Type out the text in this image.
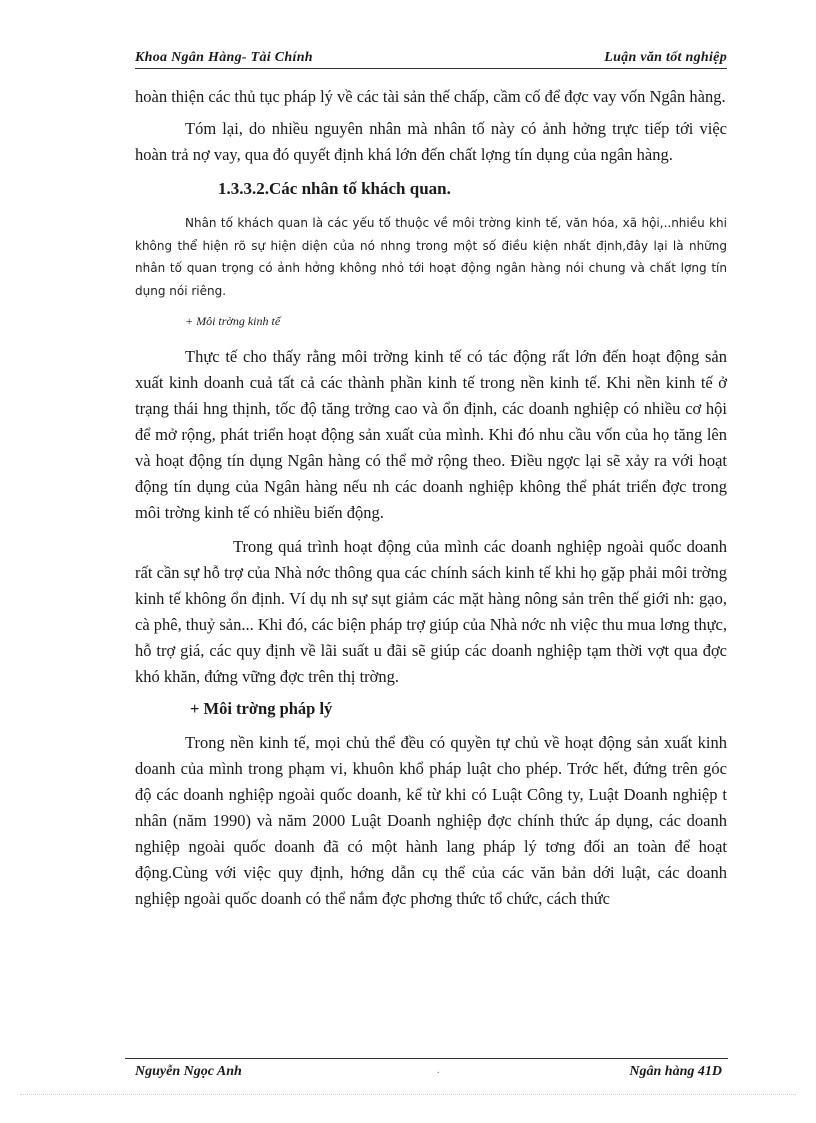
Khoa Ngân Hàng- Tài Chính	Luận văn tốt nghiệp

hoàn thiện các thủ tục pháp lý về các tài sản thế chấp, cầm cố để đợc vay vốn Ngân hàng.

Tóm lại, do nhiều nguyên nhân mà nhân tố này có ảnh hởng trực tiếp tới việc hoàn trả nợ vay, qua đó quyết định khá lớn đến chất lợng tín dụng của ngân hàng.

1.3.3.2.Các nhân tố khách quan.

Nhân tố khách quan là các yếu tố thuộc về môi trờng kinh tế, văn hóa, xã hội,..nhiều khi không thể hiện rõ sự hiện diện của nó nhng trong một số điều kiện nhất định,đây lại là những nhân tố quan trọng có ảnh hởng không nhỏ tới hoạt động ngân hàng nói chung và chất lợng tín dụng nói riêng.

+ Môi trờng kinh tế

Thực tế cho thấy rằng môi trờng kinh tế có tác động rất lớn đến hoạt động sản xuất kinh doanh cuả tất cả các thành phần kinh tế trong nền kinh tế. Khi nền kinh tế ở trạng thái hng thịnh, tốc độ tăng trởng cao và ổn định, các doanh nghiệp có nhiều cơ hội để mở rộng, phát triển hoạt động sản xuất của mình. Khi đó nhu cầu vốn của họ tăng lên và hoạt động tín dụng Ngân hàng có thể mở rộng theo. Điều ngợc lại sẽ xảy ra với hoạt động tín dụng của Ngân hàng nếu nh các doanh nghiệp không thể phát triển đợc trong môi trờng kinh tế có nhiều biến động.

Trong quá trình hoạt động của mình các doanh nghiệp ngoài quốc doanh rất cần sự hỗ trợ của Nhà nớc thông qua các chính sách kinh tế khi họ gặp phải môi trờng kinh tế không ổn định. Ví dụ nh sự sụt giảm các mặt hàng nông sản trên thế giới nh: gạo, cà phê, thuỷ sản... Khi đó, các biện pháp trợ giúp của Nhà nớc nh việc thu mua lơng thực, hỗ trợ giá, các quy định về lãi suất u đãi sẽ giúp các doanh nghiệp tạm thời vợt qua đợc khó khăn, đứng vững đợc trên thị trờng.

+ Môi trờng pháp lý

Trong nền kinh tế, mọi chủ thể đều có quyền tự chủ về hoạt động sản xuất kinh doanh của mình trong phạm vi, khuôn khổ pháp luật cho phép. Trớc hết, đứng trên góc độ các doanh nghiệp ngoài quốc doanh, kể từ khi có Luật Công ty, Luật Doanh nghiệp t nhân (năm 1990) và năm 2000 Luật Doanh nghiệp đợc chính thức áp dụng, các doanh nghiệp ngoài quốc doanh đã có một hành lang pháp lý tơng đối an toàn để hoạt động.Cùng với việc quy định, hớng dẫn cụ thể của các văn bản dới luật, các doanh nghiệp ngoài quốc doanh có thể nắm đợc phơng thức tổ chức, cách thức

Nguyễn Ngọc Anh	.	Ngân hàng 41D
